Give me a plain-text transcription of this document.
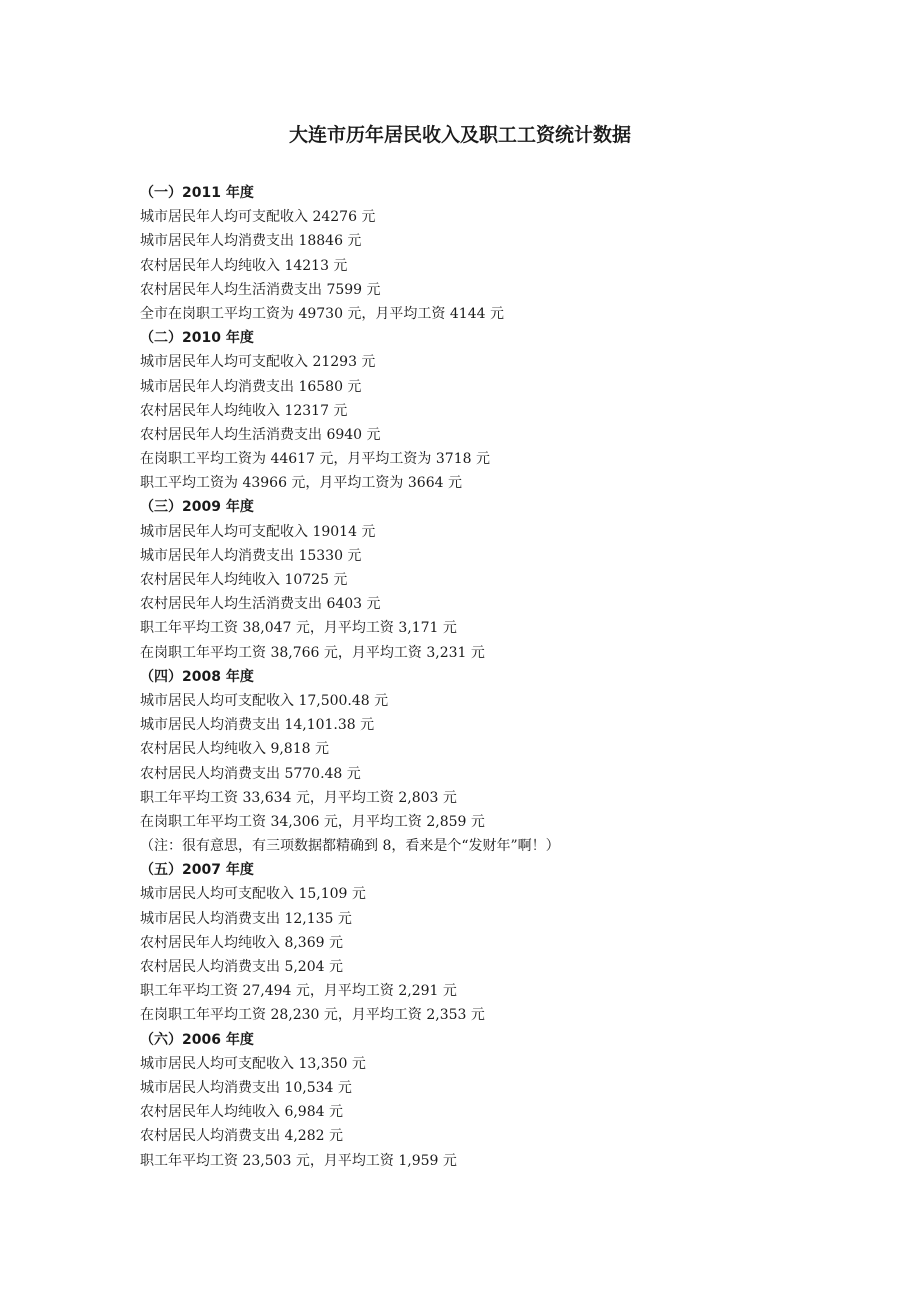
大连市历年居民收入及职工工资统计数据
（一）2011 年度
城市居民年人均可支配收入 24276 元
城市居民年人均消费支出 18846 元
农村居民年人均纯收入 14213 元
农村居民年人均生活消费支出 7599 元
全市在岗职工平均工资为 49730 元，月平均工资 4144 元
（二）2010 年度
城市居民年人均可支配收入 21293 元
城市居民年人均消费支出 16580 元
农村居民年人均纯收入 12317 元
农村居民年人均生活消费支出 6940 元
在岗职工平均工资为 44617 元，月平均工资为 3718 元
职工平均工资为 43966 元，月平均工资为 3664 元
（三）2009 年度
城市居民年人均可支配收入 19014 元
城市居民年人均消费支出 15330 元
农村居民年人均纯收入 10725 元
农村居民年人均生活消费支出 6403 元
职工年平均工资 38,047 元，月平均工资 3,171 元
在岗职工年平均工资 38,766 元，月平均工资 3,231 元
（四）2008 年度
城市居民人均可支配收入 17,500.48 元
城市居民人均消费支出 14,101.38 元
农村居民人均纯收入 9,818 元
农村居民人均消费支出 5770.48 元
职工年平均工资 33,634 元，月平均工资 2,803 元
在岗职工年平均工资 34,306 元，月平均工资 2,859 元
（注：很有意思，有三项数据都精确到 8，看来是个“发财年”啊！）
（五）2007 年度
城市居民人均可支配收入 15,109 元
城市居民人均消费支出 12,135 元
农村居民年人均纯收入 8,369 元
农村居民人均消费支出 5,204 元
职工年平均工资 27,494 元，月平均工资 2,291 元
在岗职工年平均工资 28,230 元，月平均工资 2,353 元
（六）2006 年度
城市居民人均可支配收入 13,350 元
城市居民人均消费支出 10,534 元
农村居民年人均纯收入 6,984 元
农村居民人均消费支出 4,282 元
职工年平均工资 23,503 元，月平均工资 1,959 元
